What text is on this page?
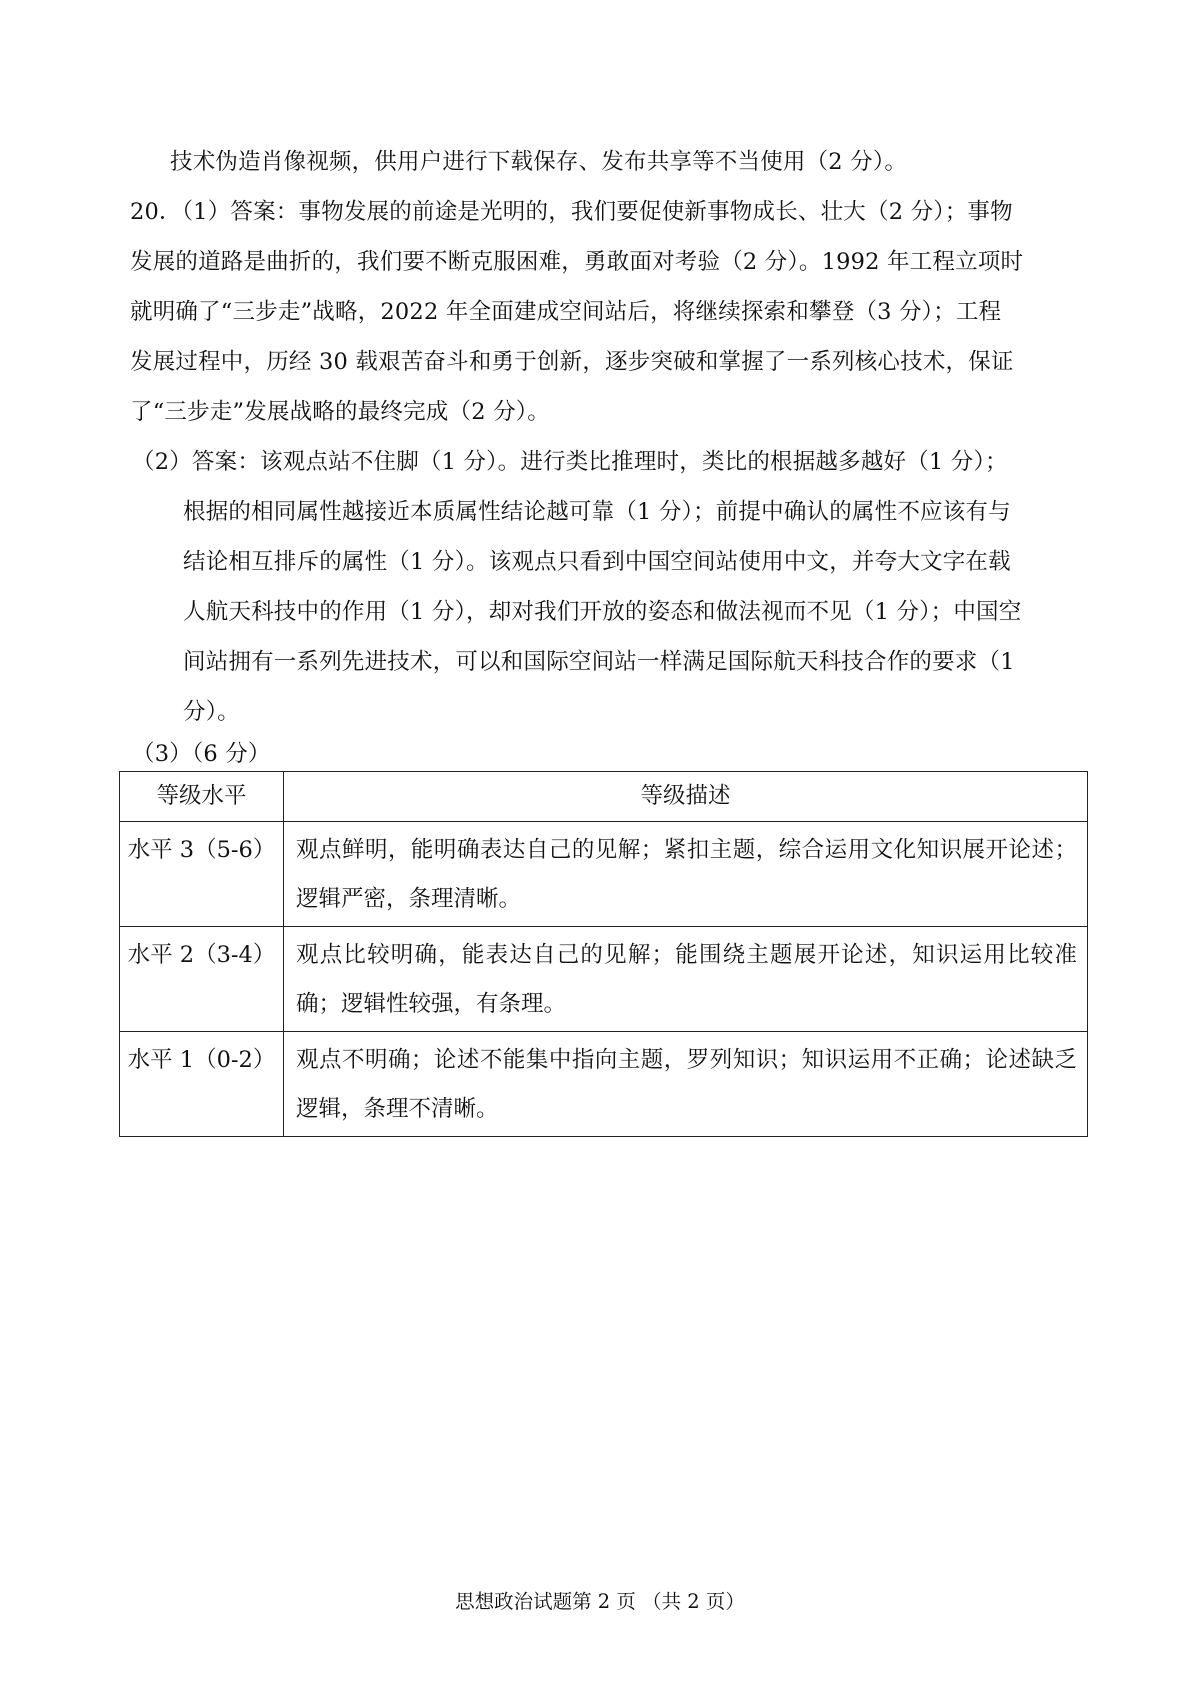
技术伪造肖像视频，供用户进行下载保存、发布共享等不当使用（2 分）。
20．（1）答案：事物发展的前途是光明的，我们要促使新事物成长、壮大（2 分）；事物
发展的道路是曲折的，我们要不断克服困难，勇敢面对考验（2 分）。1992 年工程立项时
就明确了“三步走”战略，2022 年全面建成空间站后，将继续探索和攀登（3 分）；工程
发展过程中，历经 30 载艰苦奋斗和勇于创新，逐步突破和掌握了一系列核心技术，保证
了“三步走”发展战略的最终完成（2 分）。
（2）答案：该观点站不住脚（1 分）。进行类比推理时，类比的根据越多越好（1 分）；
根据的相同属性越接近本质属性结论越可靠（1 分）；前提中确认的属性不应该有与
结论相互排斥的属性（1 分）。该观点只看到中国空间站使用中文，并夸大文字在载
人航天科技中的作用（1 分），却对我们开放的姿态和做法视而不见（1 分）；中国空
间站拥有一系列先进技术，可以和国际空间站一样满足国际航天科技合作的要求（1
分）。
（3）（6 分）
等级水平	等级描述
水平 3（5-6）	观点鲜明，能明确表达自己的见解；紧扣主题，综合运用文化知识展开论述；逻辑严密，条理清晰。
水平 2（3-4）	观点比较明确，能表达自己的见解；能围绕主题展开论述，知识运用比较准确；逻辑性较强，有条理。
水平 1（0-2）	观点不明确；论述不能集中指向主题，罗列知识；知识运用不正确；论述缺乏逻辑，条理不清晰。
思想政治试题第 2 页 （共 2 页）
